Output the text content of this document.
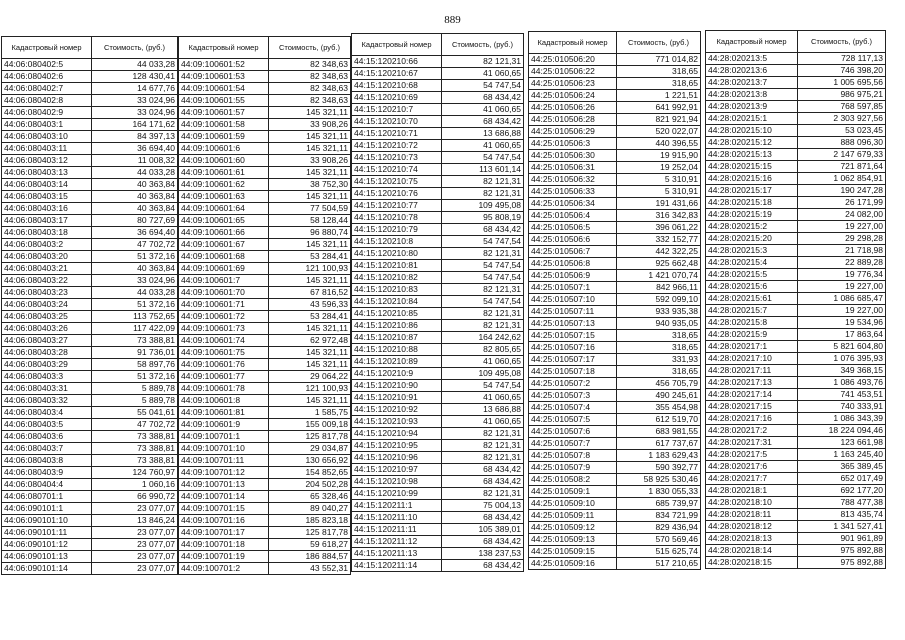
889
Кадастровый номер	Стоимость, (руб.)
44:06:080402:5	44 033,28
44:06:080402:6	128 430,41
44:06:080402:7	14 677,76
44:06:080402:8	33 024,96
44:06:080402:9	33 024,96
44:06:080403:1	164 171,62
44:06:080403:10	84 397,13
44:06:080403:11	36 694,40
44:06:080403:12	11 008,32
44:06:080403:13	44 033,28
44:06:080403:14	40 363,84
44:06:080403:15	40 363,84
44:06:080403:16	40 363,84
44:06:080403:17	80 727,69
44:06:080403:18	36 694,40
44:06:080403:2	47 702,72
44:06:080403:20	51 372,16
44:06:080403:21	40 363,84
44:06:080403:22	33 024,96
44:06:080403:23	44 033,28
44:06:080403:24	51 372,16
44:06:080403:25	113 752,65
44:06:080403:26	117 422,09
44:06:080403:27	73 388,81
44:06:080403:28	91 736,01
44:06:080403:29	58 897,76
44:06:080403:3	51 372,16
44:06:080403:31	5 889,78
44:06:080403:32	5 889,78
44:06:080403:4	55 041,61
44:06:080403:5	47 702,72
44:06:080403:6	73 388,81
44:06:080403:7	73 388,81
44:06:080403:8	73 388,81
44:06:080403:9	124 760,97
44:06:080404:4	1 060,16
44:06:080701:1	66 990,72
44:06:090101:1	23 077,07
44:06:090101:10	13 846,24
44:06:090101:11	23 077,07
44:06:090101:12	23 077,07
44:06:090101:13	23 077,07
44:06:090101:14	23 077,07
Кадастровый номер	Стоимость, (руб.)
44:09:100601:52	82 348,63
44:09:100601:53	82 348,63
44:09:100601:54	82 348,63
44:09:100601:55	82 348,63
44:09:100601:57	145 321,11
44:09:100601:58	33 908,26
44:09:100601:59	145 321,11
44:09:100601:6	145 321,11
44:09:100601:60	33 908,26
44:09:100601:61	145 321,11
44:09:100601:62	38 752,30
44:09:100601:63	145 321,11
44:09:100601:64	77 504,59
44:09:100601:65	58 128,44
44:09:100601:66	96 880,74
44:09:100601:67	145 321,11
44:09:100601:68	53 284,41
44:09:100601:69	121 100,93
44:09:100601:7	145 321,11
44:09:100601:70	67 816,52
44:09:100601:71	43 596,33
44:09:100601:72	53 284,41
44:09:100601:73	145 321,11
44:09:100601:74	62 972,48
44:09:100601:75	145 321,11
44:09:100601:76	145 321,11
44:09:100601:77	29 064,22
44:09:100601:78	121 100,93
44:09:100601:8	145 321,11
44:09:100601:81	1 585,75
44:09:100601:9	155 009,18
44:09:100701:1	125 817,78
44:09:100701:10	29 034,87
44:09:100701:11	130 656,92
44:09:100701:12	154 852,65
44:09:100701:13	204 502,28
44:09:100701:14	65 328,46
44:09:100701:15	89 040,27
44:09:100701:16	185 823,18
44:09:100701:17	125 817,78
44:09:100701:18	59 618,27
44:09:100701:19	186 884,57
44:09:100701:2	43 552,31
Кадастровый номер	Стоимость, (руб.)
44:15:120210:66	82 121,31
44:15:120210:67	41 060,65
44:15:120210:68	54 747,54
44:15:120210:69	68 434,42
44:15:120210:7	41 060,65
44:15:120210:70	68 434,42
44:15:120210:71	13 686,88
44:15:120210:72	41 060,65
44:15:120210:73	54 747,54
44:15:120210:74	113 601,14
44:15:120210:75	82 121,31
44:15:120210:76	82 121,31
44:15:120210:77	109 495,08
44:15:120210:78	95 808,19
44:15:120210:79	68 434,42
44:15:120210:8	54 747,54
44:15:120210:80	82 121,31
44:15:120210:81	54 747,54
44:15:120210:82	54 747,54
44:15:120210:83	82 121,31
44:15:120210:84	54 747,54
44:15:120210:85	82 121,31
44:15:120210:86	82 121,31
44:15:120210:87	164 242,62
44:15:120210:88	82 805,65
44:15:120210:89	41 060,65
44:15:120210:9	109 495,08
44:15:120210:90	54 747,54
44:15:120210:91	41 060,65
44:15:120210:92	13 686,88
44:15:120210:93	41 060,65
44:15:120210:94	82 121,31
44:15:120210:95	82 121,31
44:15:120210:96	82 121,31
44:15:120210:97	68 434,42
44:15:120210:98	68 434,42
44:15:120210:99	82 121,31
44:15:120211:1	75 004,13
44:15:120211:10	68 434,42
44:15:120211:11	105 389,01
44:15:120211:12	68 434,42
44:15:120211:13	138 237,53
44:15:120211:14	68 434,42
Кадастровый номер	Стоимость, (руб.)
44:25:010506:20	771 014,82
44:25:010506:22	318,65
44:25:010506:23	318,65
44:25:010506:24	1 221,51
44:25:010506:26	641 992,91
44:25:010506:28	821 921,94
44:25:010506:29	520 022,07
44:25:010506:3	440 396,55
44:25:010506:30	19 915,90
44:25:010506:31	19 252,04
44:25:010506:32	5 310,91
44:25:010506:33	5 310,91
44:25:010506:34	191 431,66
44:25:010506:4	316 342,83
44:25:010506:5	396 061,22
44:25:010506:6	332 152,77
44:25:010506:7	442 322,25
44:25:010506:8	925 662,48
44:25:010506:9	1 421 070,74
44:25:010507:1	842 966,11
44:25:010507:10	592 099,10
44:25:010507:11	933 935,38
44:25:010507:13	940 935,05
44:25:010507:15	318,65
44:25:010507:16	318,65
44:25:010507:17	331,93
44:25:010507:18	318,65
44:25:010507:2	456 705,79
44:25:010507:3	490 245,61
44:25:010507:4	355 454,98
44:25:010507:5	612 519,70
44:25:010507:6	683 981,55
44:25:010507:7	617 737,67
44:25:010507:8	1 183 629,43
44:25:010507:9	590 392,77
44:25:010508:2	58 925 530,46
44:25:010509:1	1 830 055,33
44:25:010509:10	685 739,97
44:25:010509:11	834 721,99
44:25:010509:12	829 436,94
44:25:010509:13	570 569,46
44:25:010509:15	515 625,74
44:25:010509:16	517 210,65
Кадастровый номер	Стоимость, (руб.)
44:28:020213:5	728 117,13
44:28:020213:6	746 398,20
44:28:020213:7	1 005 695,56
44:28:020213:8	986 975,21
44:28:020213:9	768 597,85
44:28:020215:1	2 303 927,56
44:28:020215:10	53 023,45
44:28:020215:12	888 096,30
44:28:020215:13	2 147 679,33
44:28:020215:15	721 871,64
44:28:020215:16	1 062 854,91
44:28:020215:17	190 247,28
44:28:020215:18	26 171,99
44:28:020215:19	24 082,00
44:28:020215:2	19 227,00
44:28:020215:20	29 298,28
44:28:020215:3	21 718,98
44:28:020215:4	22 889,28
44:28:020215:5	19 776,34
44:28:020215:6	19 227,00
44:28:020215:61	1 086 685,47
44:28:020215:7	19 227,00
44:28:020215:8	19 534,96
44:28:020215:9	17 863,64
44:28:020217:1	5 821 604,80
44:28:020217:10	1 076 395,93
44:28:020217:11	349 368,15
44:28:020217:13	1 086 493,76
44:28:020217:14	741 453,51
44:28:020217:15	740 333,91
44:28:020217:16	1 086 343,39
44:28:020217:2	18 224 094,46
44:28:020217:31	123 661,98
44:28:020217:5	1 163 245,40
44:28:020217:6	365 389,45
44:28:020217:7	652 017,49
44:28:020218:1	692 177,20
44:28:020218:10	788 477,38
44:28:020218:11	813 435,74
44:28:020218:12	1 341 527,41
44:28:020218:13	901 961,89
44:28:020218:14	975 892,88
44:28:020218:15	975 892,88
